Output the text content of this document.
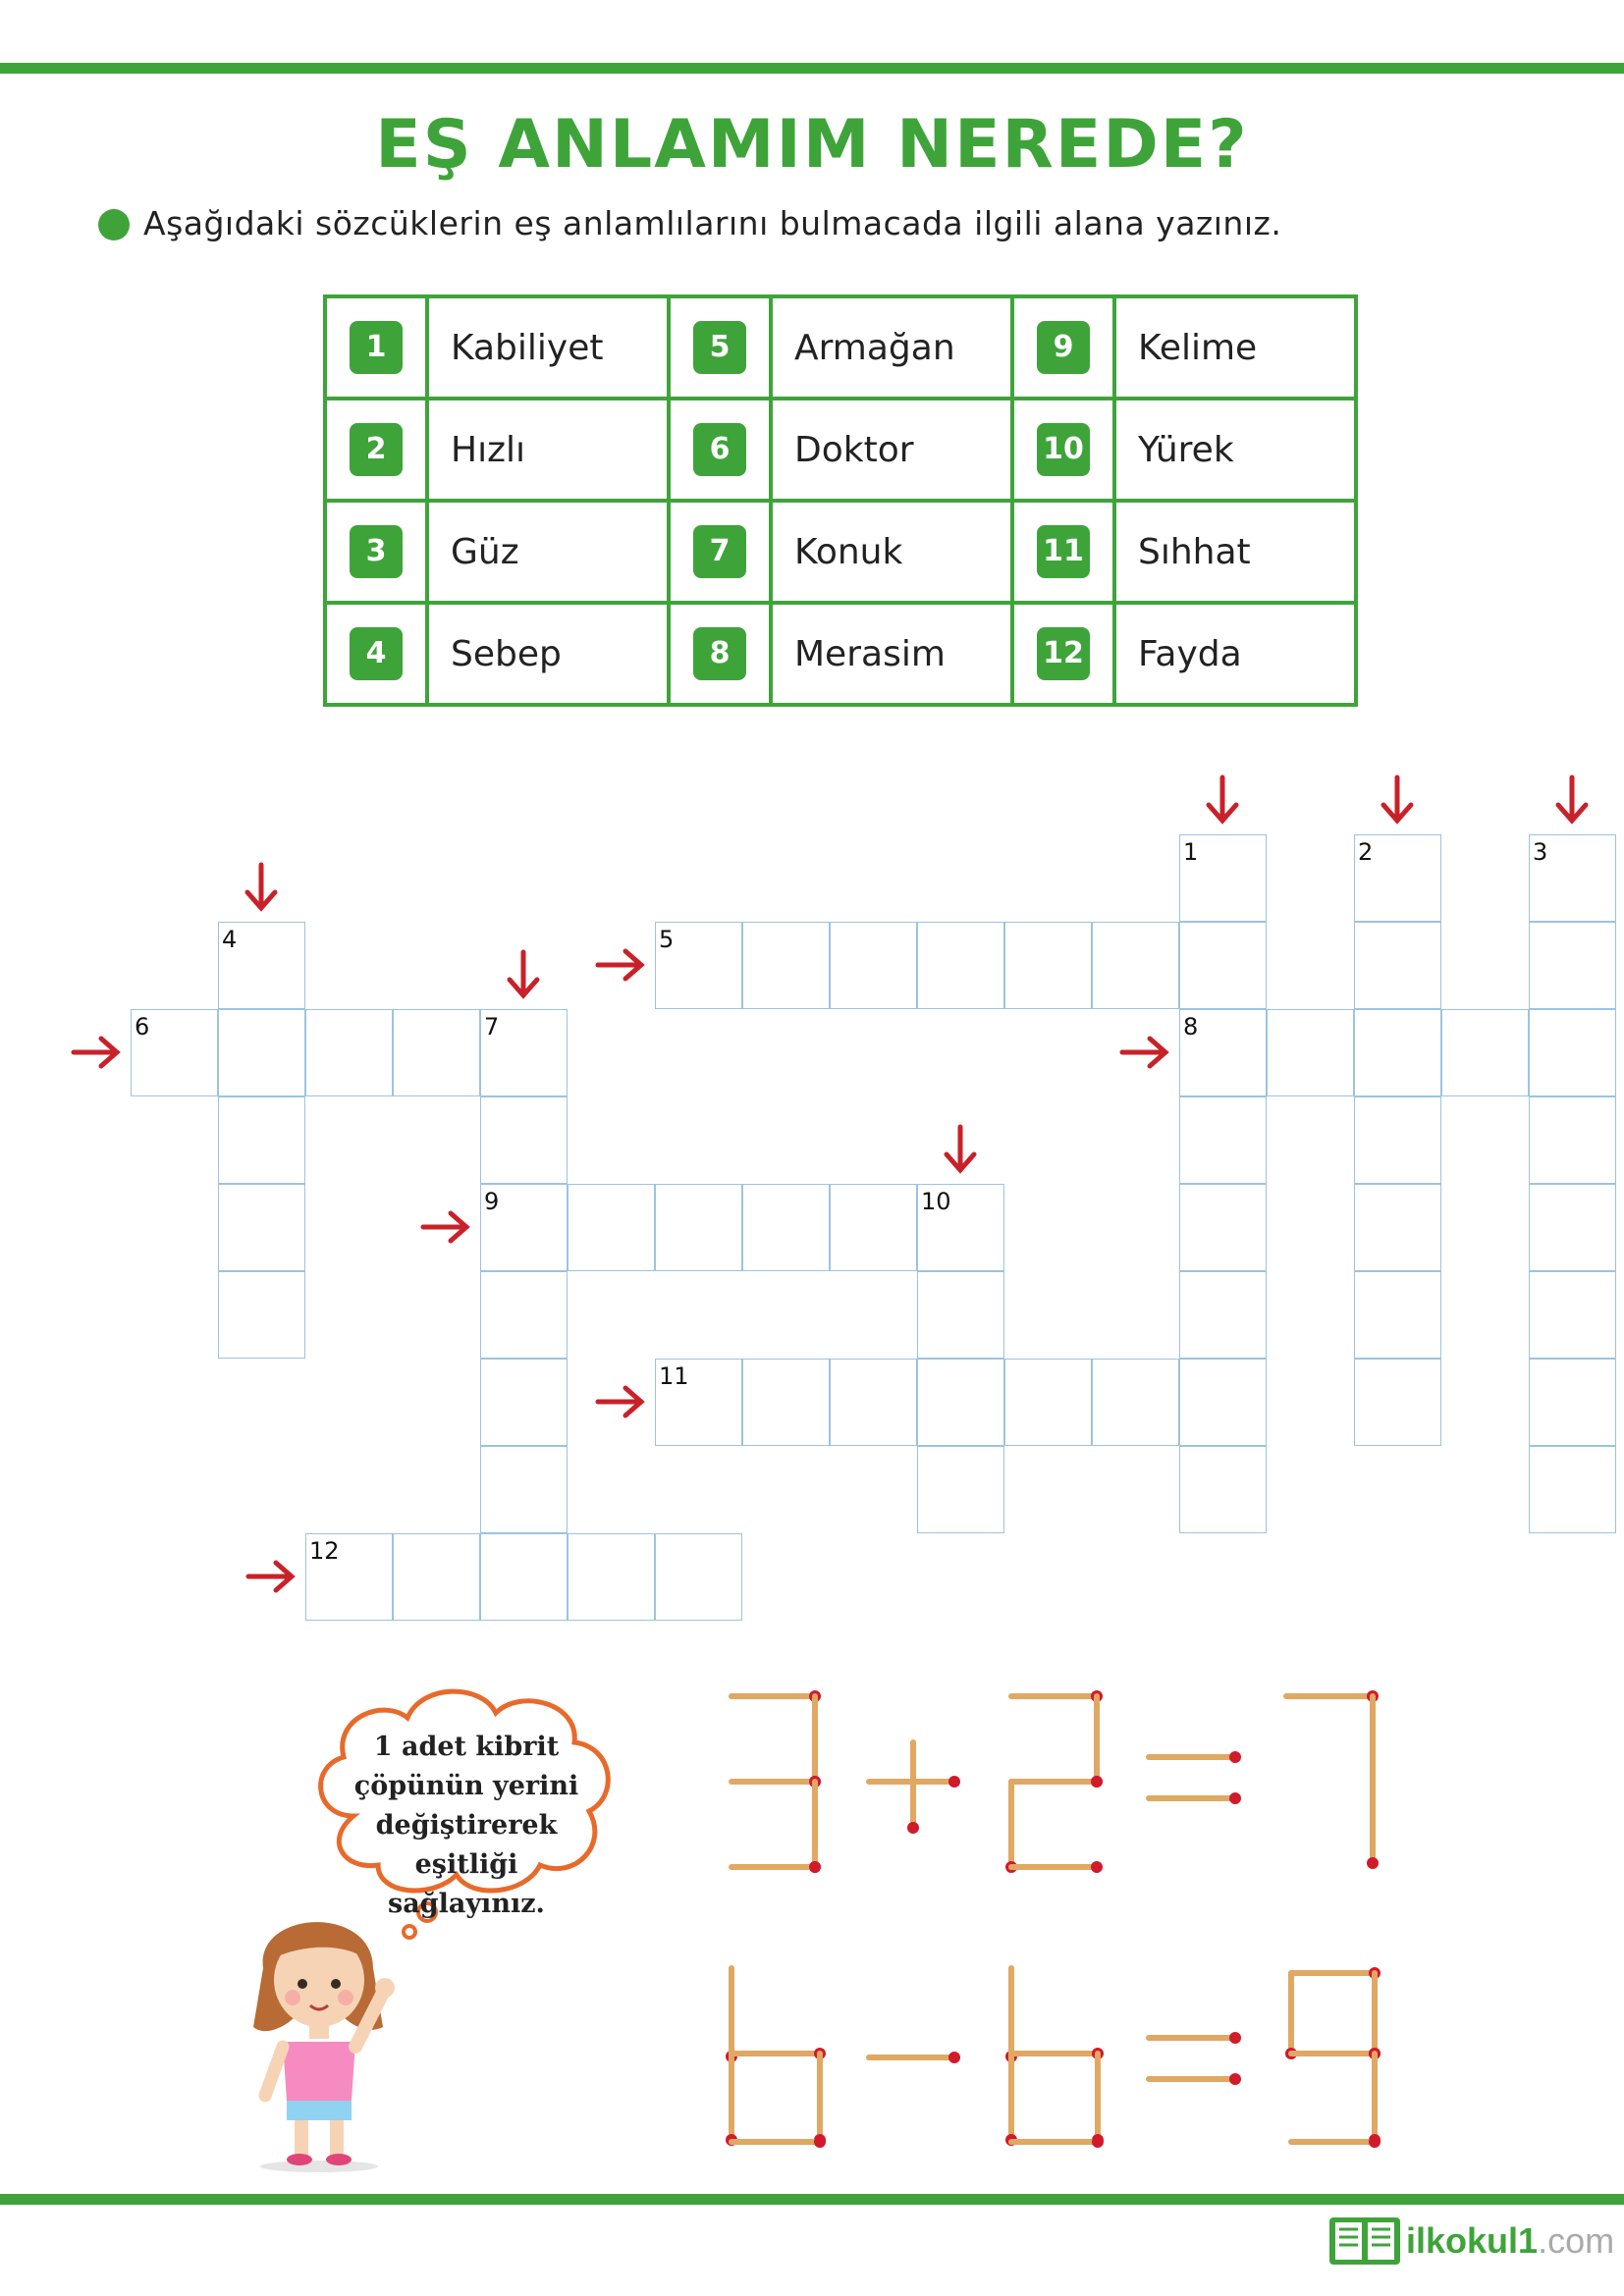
EŞ ANLAMIM NEREDE?
Aşağıdaki sözcüklerin eş anlamlılarını bulmacada ilgili alana yazınız.
1	Kabiliyet	5	Armağan	9	Kelime
2	Hızlı	6	Doktor	10	Yürek
3	Güz	7	Konuk	11	Sıhhat
4	Sebep	8	Merasim	12	Fayda
1	2	3
4	5
6	7	8
9	10
11
12
1 adet kibrit çöpünün yerini değiştirerek eşitliği sağlayınız.
ilkokul1.com
